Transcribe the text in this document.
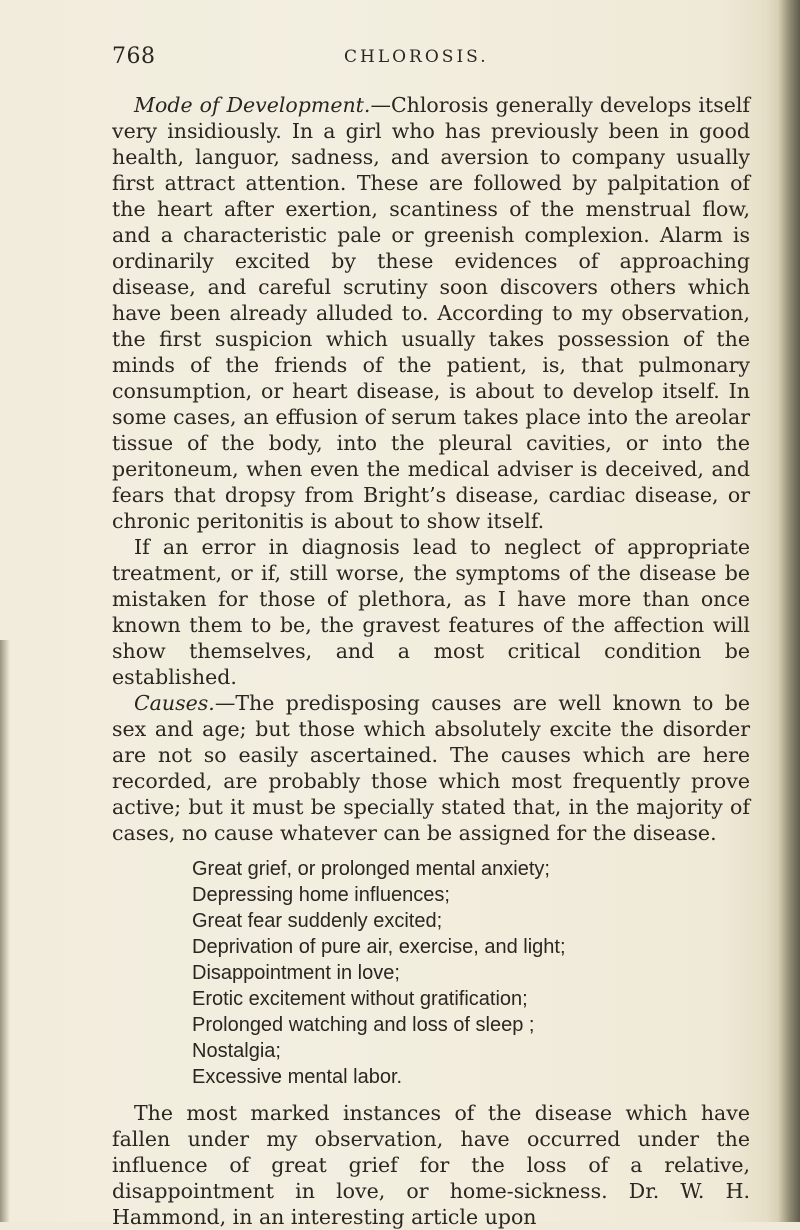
768	CHLOROSIS.

Mode of Development.—Chlorosis generally develops itself very insidiously. In a girl who has previously been in good health, languor, sadness, and aversion to company usually first attract attention. These are followed by palpitation of the heart after exertion, scantiness of the menstrual flow, and a characteristic pale or greenish complexion. Alarm is ordinarily excited by these evidences of approaching disease, and careful scrutiny soon discovers others which have been already alluded to. According to my observation, the first suspicion which usually takes possession of the minds of the friends of the patient, is, that pulmonary consumption, or heart disease, is about to develop itself. In some cases, an effusion of serum takes place into the areolar tissue of the body, into the pleural cavities, or into the peritoneum, when even the medical adviser is deceived, and fears that dropsy from Bright’s disease, cardiac disease, or chronic peritonitis is about to show itself.

If an error in diagnosis lead to neglect of appropriate treatment, or if, still worse, the symptoms of the disease be mistaken for those of plethora, as I have more than once known them to be, the gravest features of the affection will show themselves, and a most critical condition be established.

Causes.—The predisposing causes are well known to be sex and age; but those which absolutely excite the disorder are not so easily ascertained. The causes which are here recorded, are probably those which most frequently prove active; but it must be specially stated that, in the majority of cases, no cause whatever can be assigned for the disease.

Great grief, or prolonged mental anxiety;
Depressing home influences;
Great fear suddenly excited;
Deprivation of pure air, exercise, and light;
Disappointment in love;
Erotic excitement without gratification;
Prolonged watching and loss of sleep ;
Nostalgia;
Excessive mental labor.

The most marked instances of the disease which have fallen under my observation, have occurred under the influence of great grief for the loss of a relative, disappointment in love, or home-sickness. Dr. W. H. Hammond, in an interesting article upon
